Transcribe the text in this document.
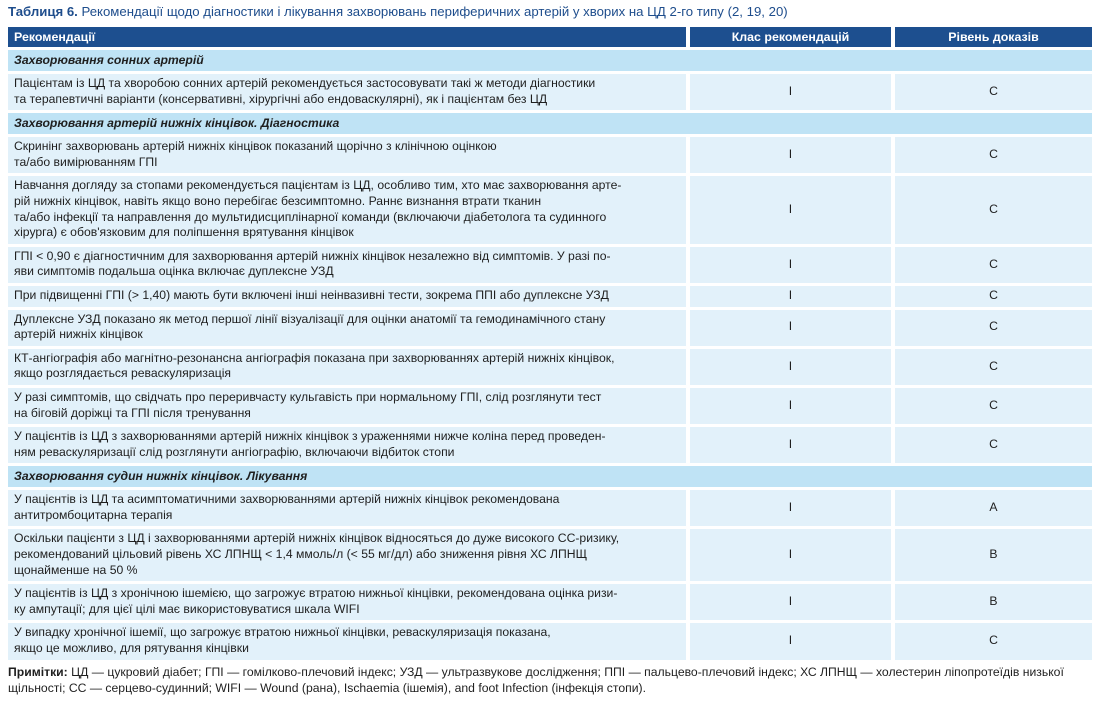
Таблиця 6. Рекомендації щодо діагностики і лікування захворювань периферичних артерій у хворих на ЦД 2-го типу (2, 19, 20)
Рекомендації	Клас рекомендацій	Рівень доказів
Захворювання сонних артерій		
Пацієнтам із ЦД та хворобою сонних артерій рекомендується застосовувати такі ж методи діагностики
та терапевтичні варіанти (консервативні, хірургічні або ендоваскулярні), як і пацієнтам без ЦД	I	C
Захворювання артерій нижніх кінцівок. Діагностика		
Скринінг захворювань артерій нижніх кінцівок показаний щорічно з клінічною оцінкою
та/або вимірюванням ГПІ	I	C
Навчання догляду за стопами рекомендується пацієнтам із ЦД, особливо тим, хто має захворювання арте-
рій нижніх кінцівок, навіть якщо воно перебігає безсимптомно. Раннє визнання втрати тканин
та/або інфекції та направлення до мультидисциплінарної команди (включаючи діабетолога та судинного
хірурга) є обов'язковим для поліпшення врятування кінцівок	I	C
ГПІ < 0,90 є діагностичним для захворювання артерій нижніх кінцівок незалежно від симптомів. У разі по-
яви симптомів подальша оцінка включає дуплексне УЗД	I	C
При підвищенні ГПІ (> 1,40) мають бути включені інші неінвазивні тести, зокрема ППІ або дуплексне УЗД	I	C
Дуплексне УЗД показано як метод першої лінії візуалізації для оцінки анатомії та гемодинамічного стану
артерій нижніх кінцівок	I	C
КТ-ангіографія або магнітно-резонансна ангіографія показана при захворюваннях артерій нижніх кінцівок,
якщо розглядається реваскуляризація	I	C
У разі симптомів, що свідчать про переривчасту кульгавість при нормальному ГПІ, слід розглянути тест
на біговій доріжці та ГПІ після тренування	I	C
У пацієнтів із ЦД з захворюваннями артерій нижніх кінцівок з ураженнями нижче коліна перед проведен-
ням реваскуляризації слід розглянути ангіографію, включаючи відбиток стопи	I	C
Захворювання судин нижніх кінцівок. Лікування		
У пацієнтів із ЦД та асимптоматичними захворюваннями артерій нижніх кінцівок рекомендована
антитромбоцитарна терапія	I	A
Оскільки пацієнти з ЦД і захворюваннями артерій нижніх кінцівок відносяться до дуже високого СС-ризику,
рекомендований цільовий рівень ХС ЛПНЩ < 1,4 ммоль/л (< 55 мг/дл) або зниження рівня ХС ЛПНЩ
щонайменше на 50 %	I	B
У пацієнтів із ЦД з хронічною ішемією, що загрожує втратою нижньої кінцівки, рекомендована оцінка ризи-
ку ампутації; для цієї цілі має використовуватися шкала WIFI	I	B
У випадку хронічної ішемії, що загрожує втратою нижньої кінцівки, реваскуляризація показана,
якщо це можливо, для рятування кінцівки	I	C
Примітки: ЦД — цукровий діабет; ГПІ — гомілково-плечовий індекс; УЗД — ультразвукове дослідження; ППІ — пальцево-плечовий індекс; ХС ЛПНЩ — холестерин ліпопротеїдів низької щільності; СС — серцево-судинний; WIFI — Wound (рана), Ischaemia (ішемія), and foot Infection (інфекція стопи).
